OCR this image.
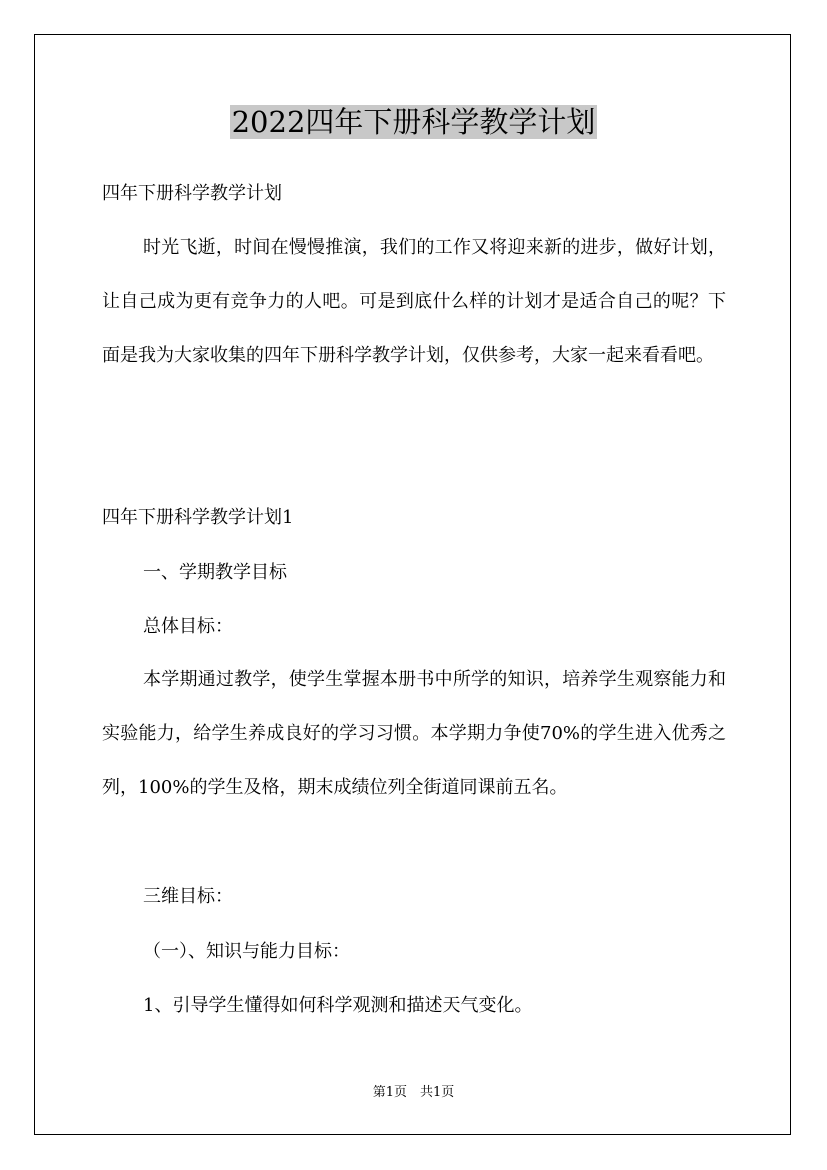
2022四年下册科学教学计划

四年下册科学教学计划

时光飞逝，时间在慢慢推演，我们的工作又将迎来新的进步，做好计划，让自己成为更有竞争力的人吧。可是到底什么样的计划才是适合自己的呢？下面是我为大家收集的四年下册科学教学计划，仅供参考，大家一起来看看吧。

四年下册科学教学计划1

一、学期教学目标

总体目标：

本学期通过教学，使学生掌握本册书中所学的知识，培养学生观察能力和实验能力，给学生养成良好的学习习惯。本学期力争使70%的学生进入优秀之列，100%的学生及格，期末成绩位列全街道同课前五名。

三维目标：

（一）、知识与能力目标：

1、引导学生懂得如何科学观测和描述天气变化。

第1页　共1页
